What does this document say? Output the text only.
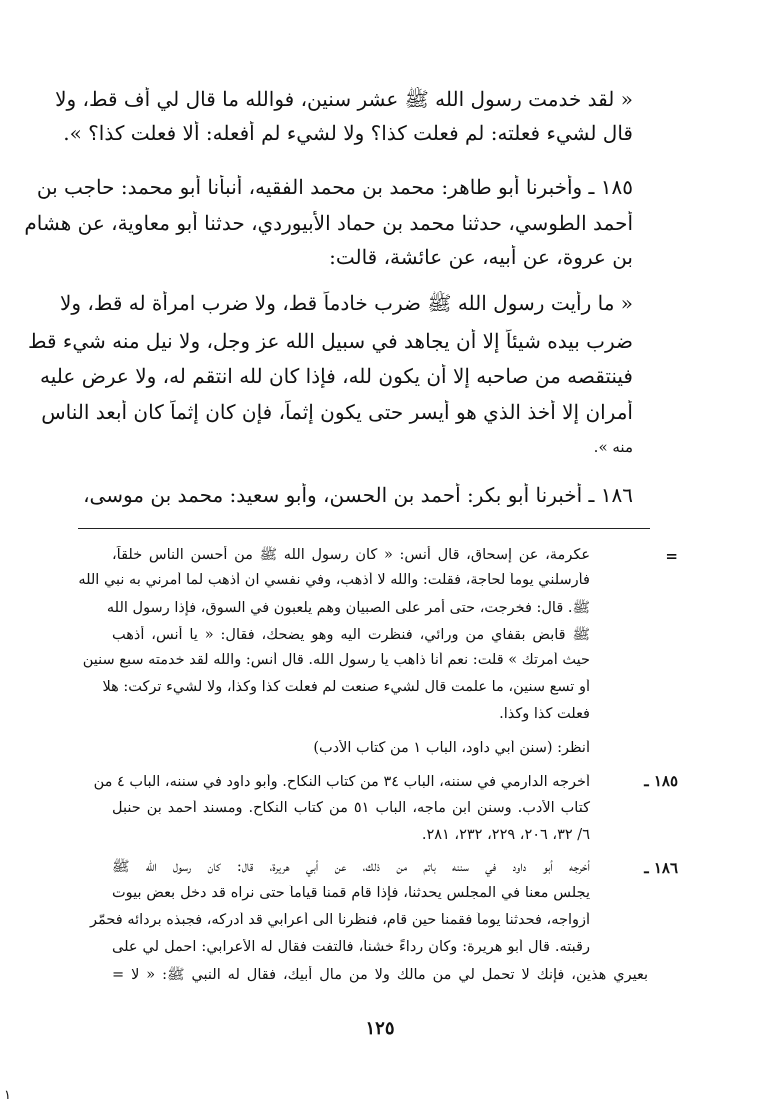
« لقد خدمت رسول الله ﷺ عشر سنين، فوالله ما قال لي أف قط، ولا
قال لشيء فعلته: لم فعلت كذا؟ ولا لشيء لم أفعله: ألا فعلت كذا؟ ».
١٨٥ ـ وأخبرنا أبو طاهر: محمد بن محمد الفقيه، أنبأنا أبو محمد: حاجب بن
أحمد الطوسي، حدثنا محمد بن حماد الأبيوردي، حدثنا أبو معاوية، عن هشام
بن عروة، عن أبيه، عن عائشة، قالت:
« ما رأيت رسول الله ﷺ ضرب خادماً قط، ولا ضرب امرأة له قط، ولا
ضرب بيده شيئاً إلا أن يجاهد في سبيل الله عز وجل، ولا نيل منه شيء قط
فينتقصه من صاحبه إلا أن يكون لله، فإذا كان لله انتقم له، ولا عرض عليه
أمران إلا أخذ الذي هو أيسر حتى يكون إثماً، فإن كان إثماً كان أبعد الناس
منه ».
١٨٦ ـ أخبرنا أبو بكر: أحمد بن الحسن، وأبو سعيد: محمد بن موسى،
=
١٨٥ ـ
١٨٦ ـ
عكرمة، عن إسحاق، قال أنس: « كان رسول الله ﷺ من أحسن الناس خلقاً،
فأرسلني يوماً لحاجة، فقلت: والله لا أذهب، وفي نفسي ان أذهب لما أمرني به نبي الله
ﷺ. قال: فخرجت، حتى أمر على الصبيان وهم يلعبون في السوق، فإذا رسول الله
ﷺ قابض بقفاي من ورائي، فنظرت اليه وهو يضحك، فقال: « يا أنس، أذهب
حيث أمرتك » قلت: نعم أنا ذاهب يا رسول الله. قال أنس: والله لقد خدمته سبع سنين
أو تسع سنين، ما علمت قال لشيء صنعت لم فعلت كذا وكذا، ولا لشيء تركت: هلا
فعلت كذا وكذا.
أنظر: (سنن أبي داود، الباب ١ من كتاب الأدب)
أخرجه الدارمي في سننه، الباب ٣٤ من كتاب النكاح. وأبو داود في سننه، الباب ٤ من
كتاب الأدب. وسنن ابن ماجه، الباب ٥١ من كتاب النكاح. ومسند أحمد بن حنبل
٦/ ٣٢، ٢٠٦، ٢٢٩، ٢٣٢، ٢٨١.
أخرجه أبو داود في سننه باتم من ذلك، عن أبي هريرة، قال: كان رسول الله ﷺ
يجلس معنا في المجلس يحدثنا، فإذا قام قمنا قياماً حتى نراه قد دخل بعض بيوت
أزواجه، فحدثنا يوماً فقمنا حين قام، فنظرنا الى أعرابي قد أدركه، فجبذه بردائه فحمّر
رقبته. قال أبو هريرة: وكان رداءً خشناً، فالتفت فقال له الأعرابي: احمل لي على
بعيري هذين، فإنك لا تحمل لي من مالك ولا من مال أبيك، فقال له النبي ﷺ: « لا =
١٢٥
١
